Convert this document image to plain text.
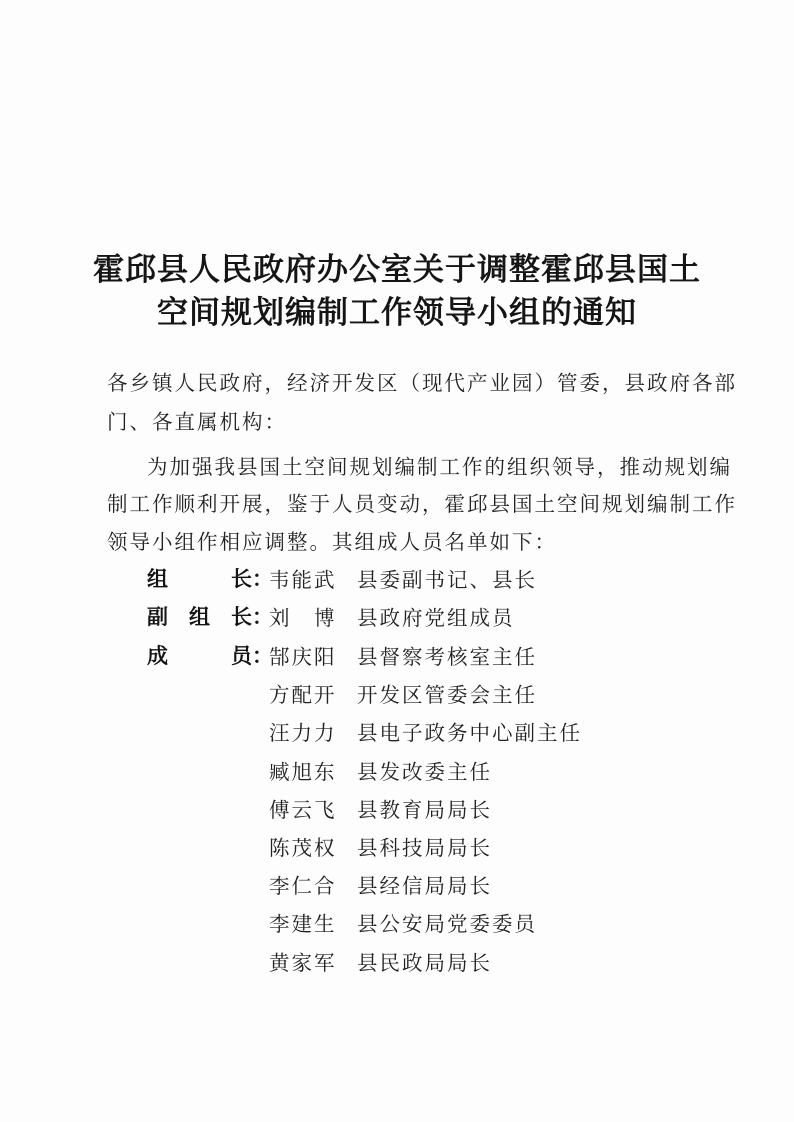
霍邱县人民政府办公室关于调整霍邱县国土
空间规划编制工作领导小组的通知
各乡镇人民政府，经济开发区（现代产业园）管委，县政府各部
门、各直属机构：
为加强我县国土空间规划编制工作的组织领导，推动规划编
制工作顺利开展，鉴于人员变动，霍邱县国土空间规划编制工作
领导小组作相应调整。其组成人员名单如下：
组　　　长：
韦能武	县委副书记、县长
副　组　长：
刘　博	县政府党组成员
成　　　员：
郜庆阳	县督察考核室主任
方配开	开发区管委会主任
汪力力	县电子政务中心副主任
臧旭东	县发改委主任
傅云飞	县教育局局长
陈茂权	县科技局局长
李仁合	县经信局局长
李建生	县公安局党委委员
黄家军	县民政局局长
